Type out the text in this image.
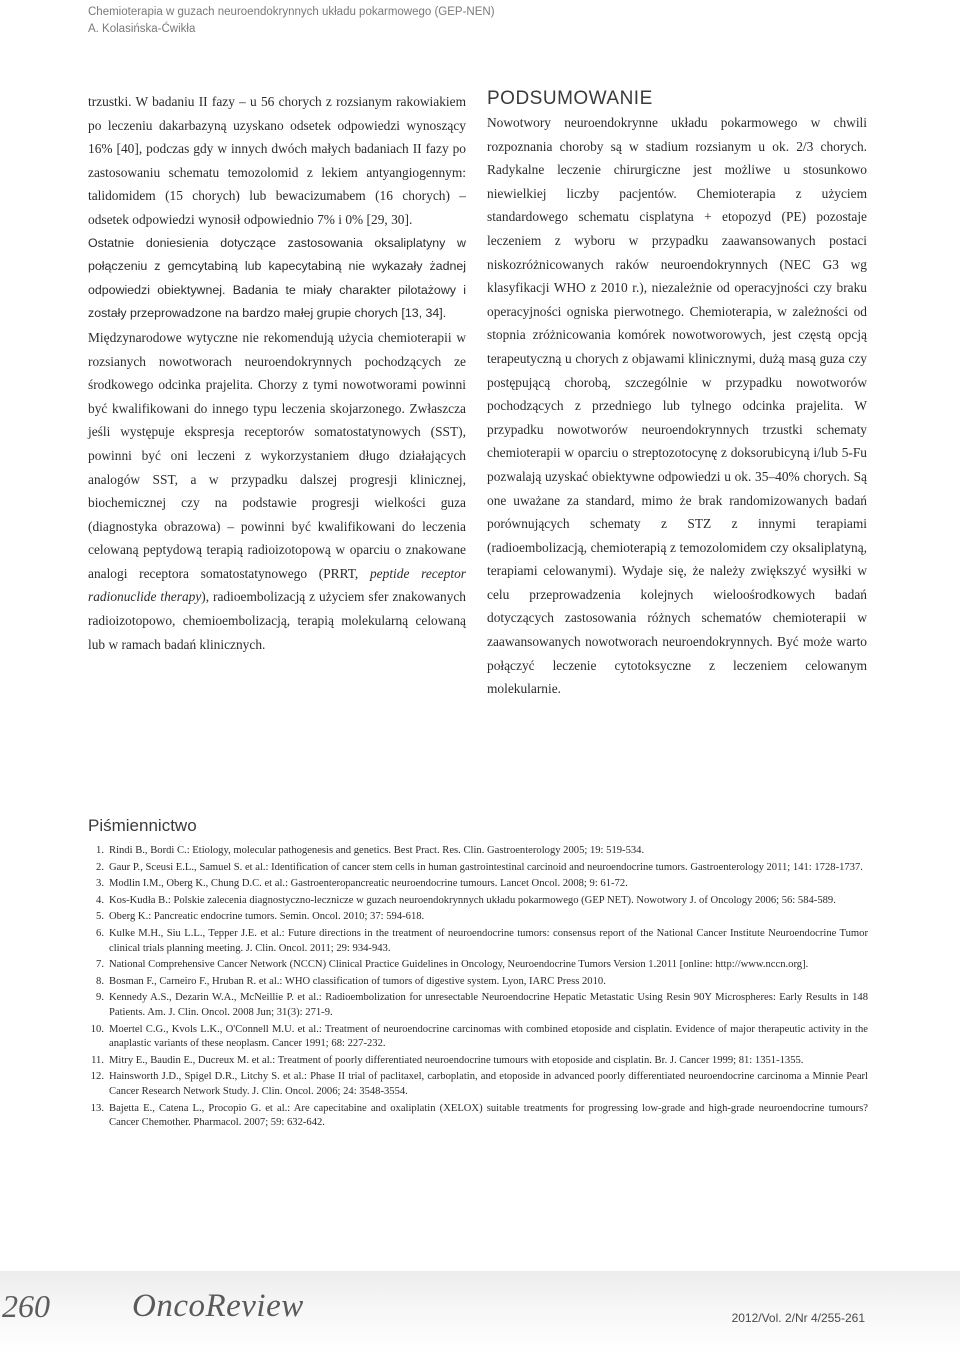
Chemioterapia w guzach neuroendokrynnych układu pokarmowego (GEP-NEN)
A. Kolasińska-Ćwikła

trzustki. W badaniu II fazy – u 56 chorych z rozsianym rakowiakiem po leczeniu dakarbazyną uzyskano odsetek odpowiedzi wynoszący 16% [40], podczas gdy w innych dwóch małych badaniach II fazy po zastosowaniu schematu temozolomid z lekiem antyangiogennym: talidomidem (15 chorych) lub bewacizumabem (16 chorych) – odsetek odpowiedzi wynosił odpowiednio 7% i 0% [29, 30].

Ostatnie doniesienia dotyczące zastosowania oksaliplatyny w połączeniu z gemcytabiną lub kapecytabiną nie wykazały żadnej odpowiedzi obiektywnej. Badania te miały charakter pilotażowy i zostały przeprowadzone na bardzo małej grupie chorych [13, 34].

Międzynarodowe wytyczne nie rekomendują użycia chemioterapii w rozsianych nowotworach neuroendokrynnych pochodzących ze środkowego odcinka prajelita. Chorzy z tymi nowotworami powinni być kwalifikowani do innego typu leczenia skojarzonego. Zwłaszcza jeśli występuje ekspresja receptorów somatostatynowych (SST), powinni być oni leczeni z wykorzystaniem długo działających analogów SST, a w przypadku dalszej progresji klinicznej, biochemicznej czy na podstawie progresji wielkości guza (diagnostyka obrazowa) – powinni być kwalifikowani do leczenia celowaną peptydową terapią radioizotopową w oparciu o znakowane analogi receptora somatostatynowego (PRRT, peptide receptor radionuclide therapy), radioembolizacją z użyciem sfer znakowanych radioizotopowo, chemioembolizacją, terapią molekularną celowaną lub w ramach badań klinicznych.

PODSUMOWANIE

Nowotwory neuroendokrynne układu pokarmowego w chwili rozpoznania choroby są w stadium rozsianym u ok. 2/3 chorych. Radykalne leczenie chirurgiczne jest możliwe u stosunkowo niewielkiej liczby pacjentów. Chemioterapia z użyciem standardowego schematu cisplatyna + etopozyd (PE) pozostaje leczeniem z wyboru w przypadku zaawansowanych postaci niskozróżnicowanych raków neuroendokrynnych (NEC G3 wg klasyfikacji WHO z 2010 r.), niezależnie od operacyjności czy braku operacyjności ogniska pierwotnego. Chemioterapia, w zależności od stopnia zróżnicowania komórek nowotworowych, jest częstą opcją terapeutyczną u chorych z objawami klinicznymi, dużą masą guza czy postępującą chorobą, szczególnie w przypadku nowotworów pochodzących z przedniego lub tylnego odcinka prajelita. W przypadku nowotworów neuroendokrynnych trzustki schematy chemioterapii w oparciu o streptozotocynę z doksorubicyną i/lub 5-Fu pozwalają uzyskać obiektywne odpowiedzi u ok. 35–40% chorych. Są one uważane za standard, mimo że brak randomizowanych badań porównujących schematy z STZ z innymi terapiami (radioembolizacją, chemioterapią z temozolomidem czy oksaliplatyną, terapiami celowanymi). Wydaje się, że należy zwiększyć wysiłki w celu przeprowadzenia kolejnych wieloośrodkowych badań dotyczących zastosowania różnych schematów chemioterapii w zaawansowanych nowotworach neuroendokrynnych. Być może warto połączyć leczenie cytotoksyczne z leczeniem celowanym molekularnie.

Piśmiennictwo
1. Rindi B., Bordi C.: Etiology, molecular pathogenesis and genetics. Best Pract. Res. Clin. Gastroenterology 2005; 19: 519-534.
2. Gaur P., Sceusi E.L., Samuel S. et al.: Identification of cancer stem cells in human gastrointestinal carcinoid and neuroendocrine tumors. Gastroenterology 2011; 141: 1728-1737.
3. Modlin I.M., Oberg K., Chung D.C. et al.: Gastroenteropancreatic neuroendocrine tumours. Lancet Oncol. 2008; 9: 61-72.
4. Kos-Kudła B.: Polskie zalecenia diagnostyczno-lecznicze w guzach neuroendokrynnych układu pokarmowego (GEP NET). Nowotwory J. of Oncology 2006; 56: 584-589.
5. Oberg K.: Pancreatic endocrine tumors. Semin. Oncol. 2010; 37: 594-618.
6. Kulke M.H., Siu L.L., Tepper J.E. et al.: Future directions in the treatment of neuroendocrine tumors: consensus report of the National Cancer Institute Neuroendocrine Tumor clinical trials planning meeting. J. Clin. Oncol. 2011; 29: 934-943.
7. National Comprehensive Cancer Network (NCCN) Clinical Practice Guidelines in Oncology, Neuroendocrine Tumors Version 1.2011 [online: http://www.nccn.org].
8. Bosman F., Carneiro F., Hruban R. et al.: WHO classification of tumors of digestive system. Lyon, IARC Press 2010.
9. Kennedy A.S., Dezarin W.A., McNeillie P. et al.: Radioembolization for unresectable Neuroendocrine Hepatic Metastatic Using Resin 90Y Microspheres: Early Results in 148 Patients. Am. J. Clin. Oncol. 2008 Jun; 31(3): 271-9.
10. Moertel C.G., Kvols L.K., O'Connell M.U. et al.: Treatment of neuroendocrine carcinomas with combined etoposide and cisplatin. Evidence of major therapeutic activity in the anaplastic variants of these neoplasm. Cancer 1991; 68: 227-232.
11. Mitry E., Baudin E., Ducreux M. et al.: Treatment of poorly differentiated neuroendocrine tumours with etoposide and cisplatin. Br. J. Cancer 1999; 81: 1351-1355.
12. Hainsworth J.D., Spigel D.R., Litchy S. et al.: Phase II trial of paclitaxel, carboplatin, and etoposide in advanced poorly differentiated neuroendocrine carcinoma a Minnie Pearl Cancer Research Network Study. J. Clin. Oncol. 2006; 24: 3548-3554.
13. Bajetta E., Catena L., Procopio G. et al.: Are capecitabine and oxaliplatin (XELOX) suitable treatments for progressing low-grade and high-grade neuroendocrine tumours? Cancer Chemother. Pharmacol. 2007; 59: 632-642.
260 OncoReview	2012/Vol. 2/Nr 4/255-261
